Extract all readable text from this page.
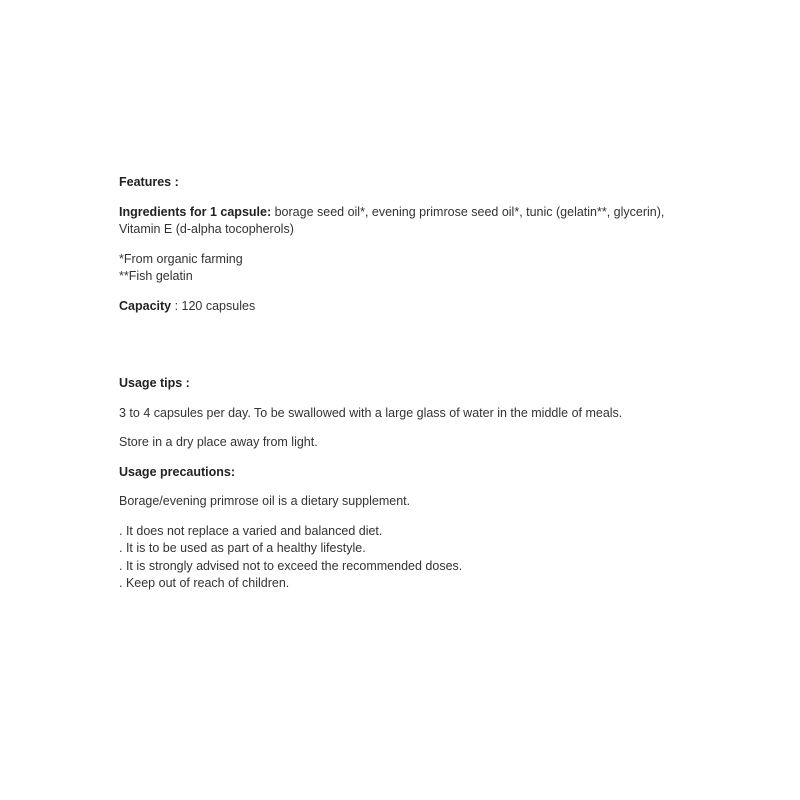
Features :

Ingredients for 1 capsule: borage seed oil*, evening primrose seed oil*, tunic (gelatin**, glycerin), Vitamin E (d-alpha tocopherols)

*From organic farming
**Fish gelatin

Capacity : 120 capsules

Usage tips :

3 to 4 capsules per day. To be swallowed with a large glass of water in the middle of meals.

Store in a dry place away from light.

Usage precautions:

Borage/evening primrose oil is a dietary supplement.

. It does not replace a varied and balanced diet.
. It is to be used as part of a healthy lifestyle.
. It is strongly advised not to exceed the recommended doses.
. Keep out of reach of children.
